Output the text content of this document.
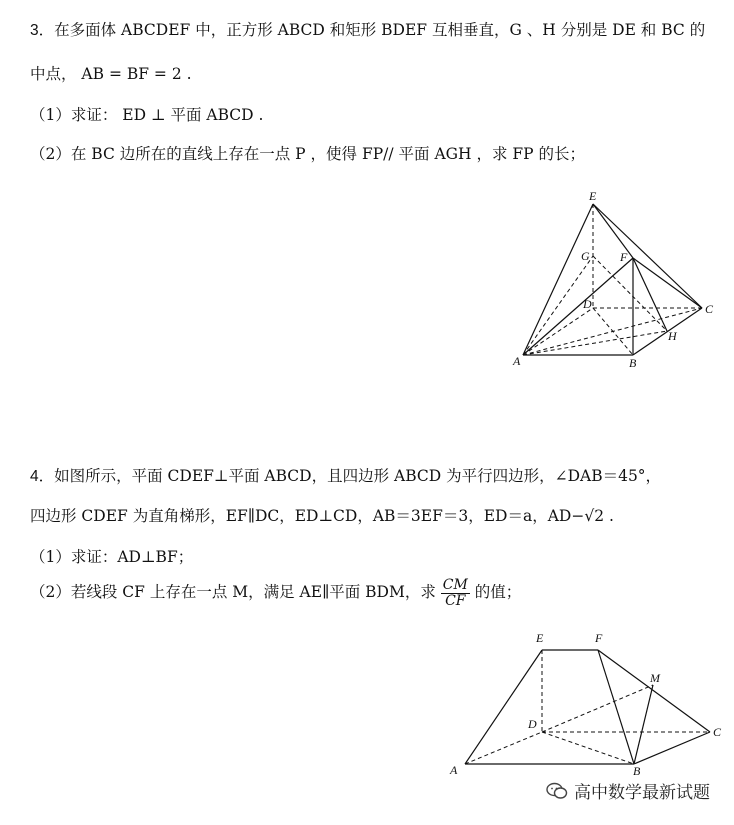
3．在多面体 ABCDEF 中，正方形 ABCD 和矩形 BDEF 互相垂直，G 、H 分别是 DE 和 BC 的
中点， AB = BF = 2 .
（1）求证： ED ⊥ 平面 ABCD .
（2）在 BC 边所在的直线上存在一点 P ，使得 FP// 平面 AGH ，求 FP 的长；
E
G	F
D	C
H
A	B
4．如图所示，平面 CDEF⊥平面 ABCD，且四边形 ABCD 为平行四边形，∠DAB＝45°，
四边形 CDEF 为直角梯形，EF∥DC，ED⊥CD，AB＝3EF＝3，ED＝a，AD−√2 .
（1）求证：AD⊥BF；
（2）若线段 CF 上存在一点 M，满足 AE∥平面 BDM，求 $\frac{CM}{CF}$ 的值；
E	F
M
D
C
A	B
高中数学最新试题
